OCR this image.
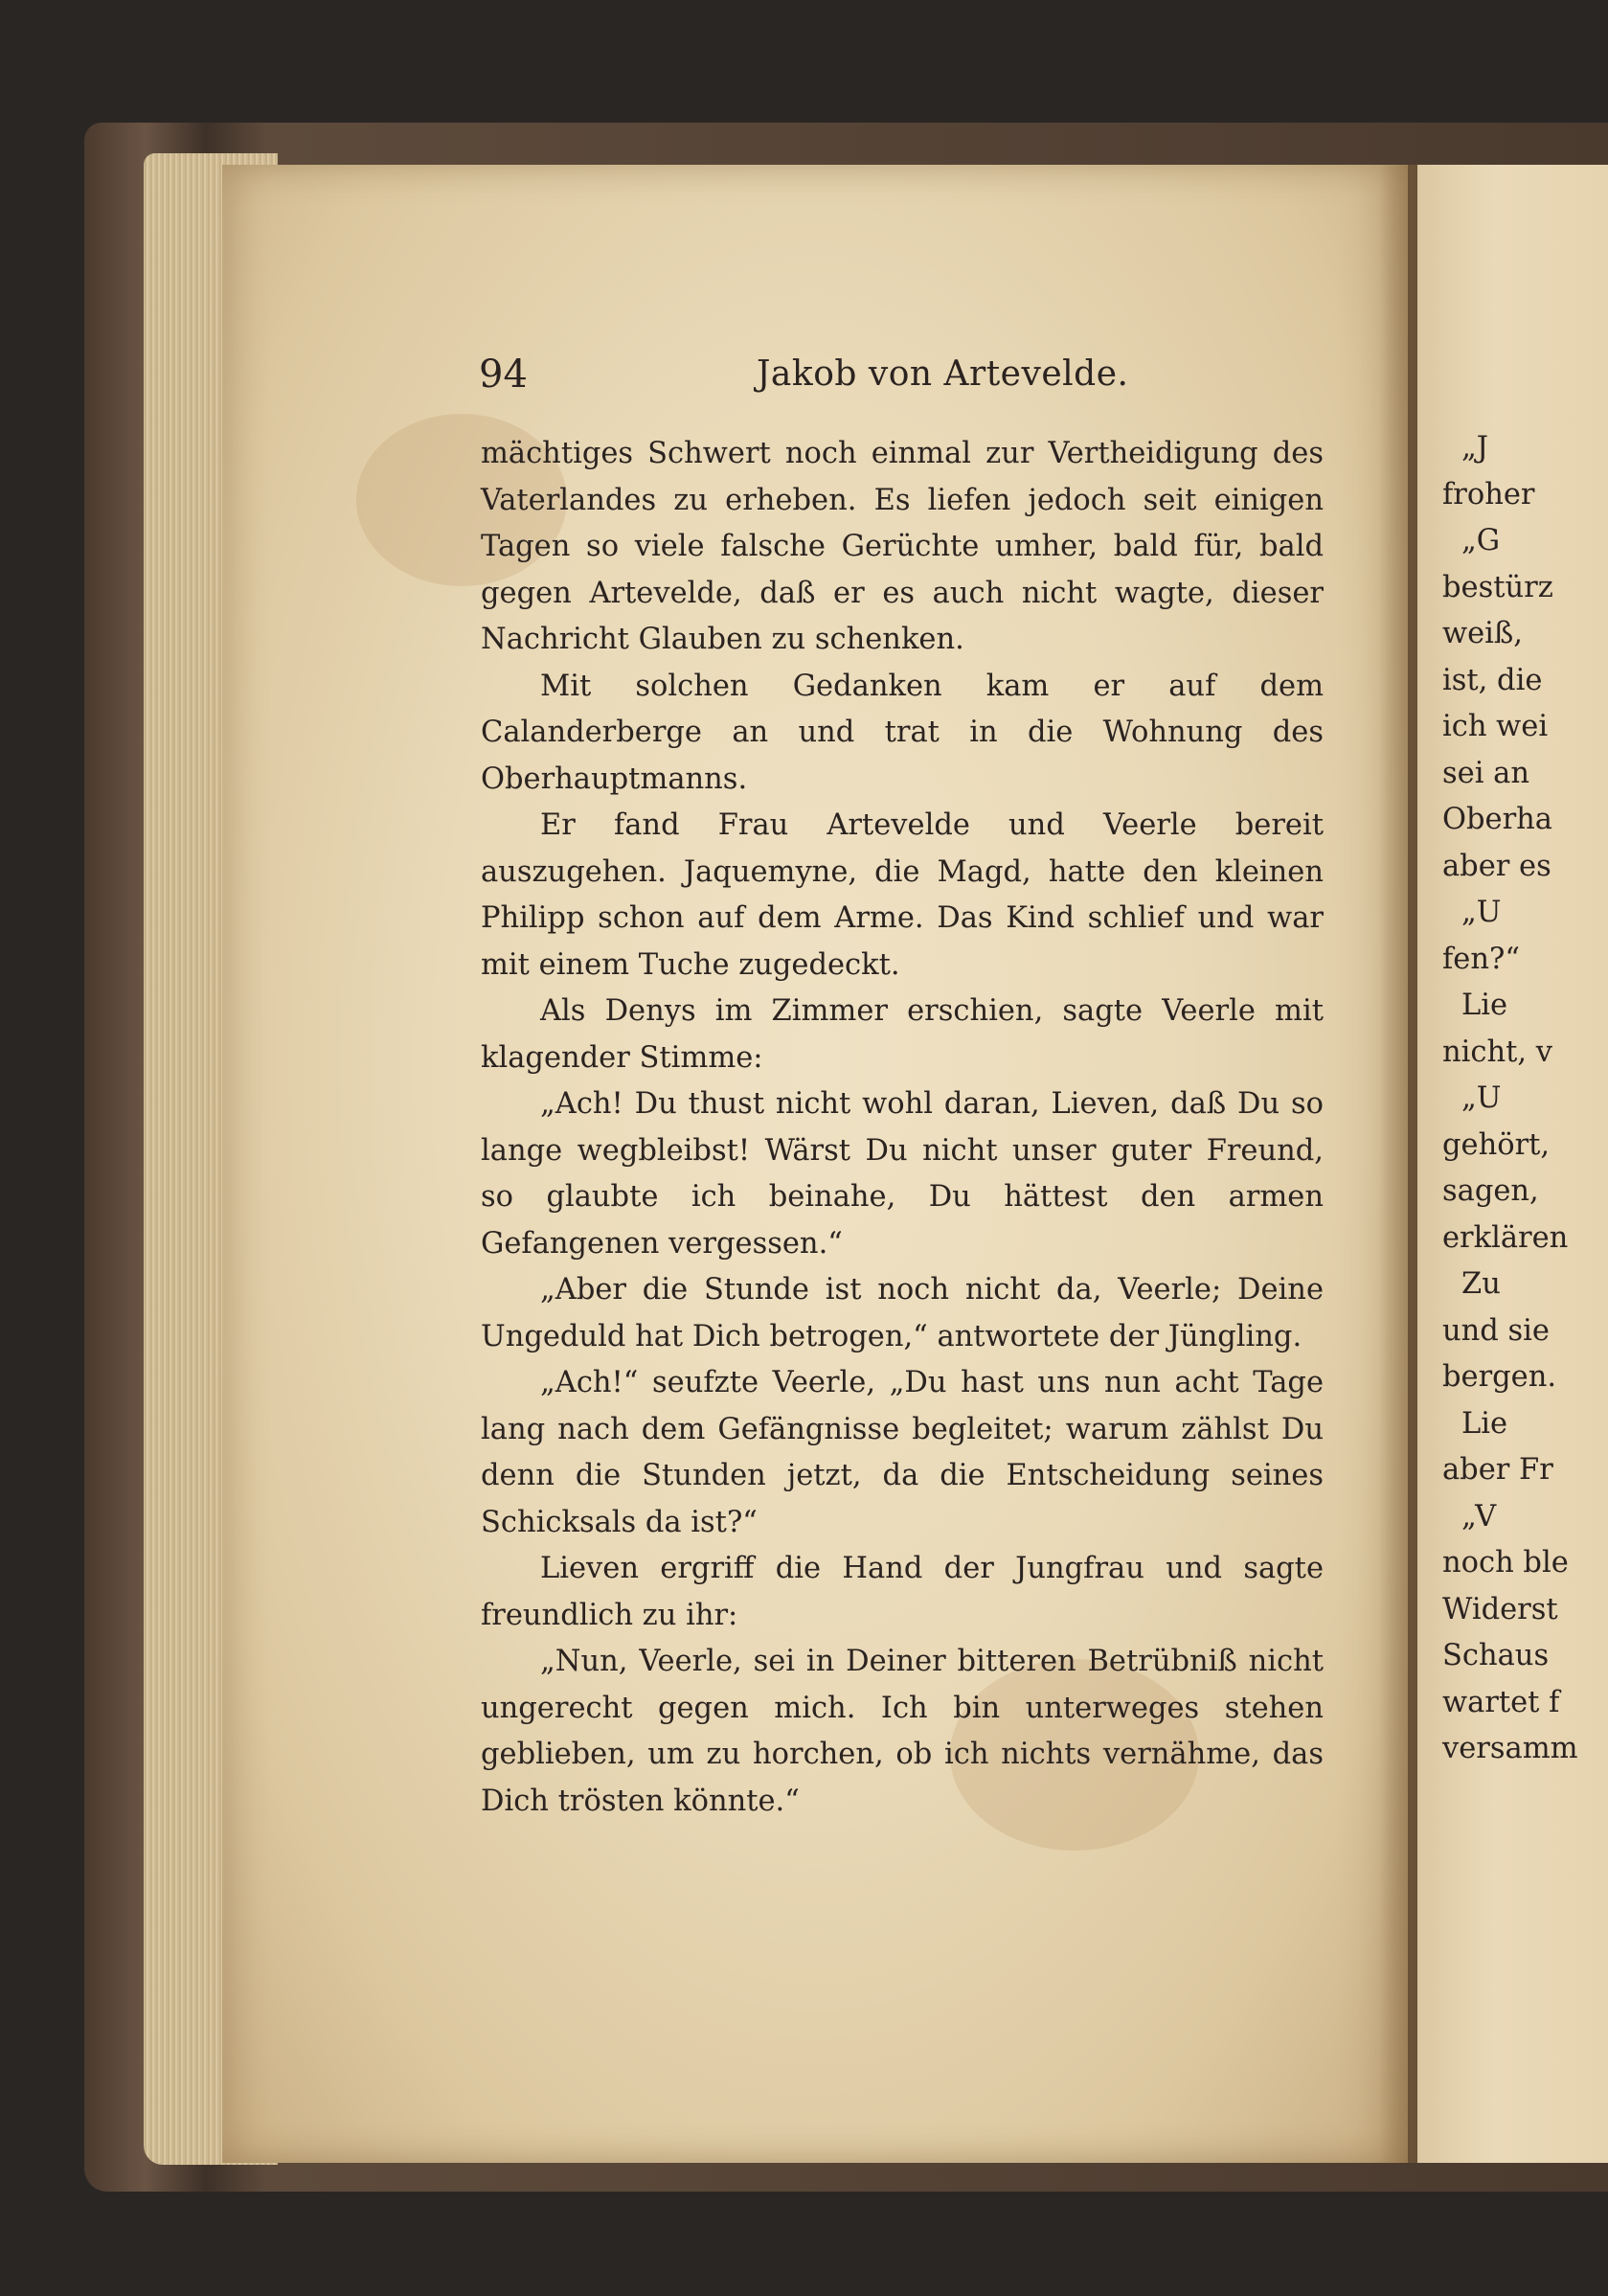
„J
froher
„G
bestürz
weiß,
ist, die
ich wei
sei an
Oberha
aber es
„U
fen?“
Lie
nicht, v
„U
gehört,
sagen,
erklären
Zu
und sie
bergen.
Lie
aber Fr
„V
noch ble
Widerst
Schaus
wartet f
versamm
94	Jakob von Artevelde.

mächtiges Schwert noch einmal zur Vertheidigung des Vaterlandes zu erheben. Es liefen jedoch seit einigen Tagen so viele falsche Gerüchte umher, bald für, bald gegen Artevelde, daß er es auch nicht wagte, dieser Nachricht Glauben zu schenken.

Mit solchen Gedanken kam er auf dem Calanderberge an und trat in die Wohnung des Oberhauptmanns.

Er fand Frau Artevelde und Veerle bereit auszugehen. Jaquemyne, die Magd, hatte den kleinen Philipp schon auf dem Arme. Das Kind schlief und war mit einem Tuche zugedeckt.

Als Denys im Zimmer erschien, sagte Veerle mit klagender Stimme:

„Ach! Du thust nicht wohl daran, Lieven, daß Du so lange wegbleibst! Wärst Du nicht unser guter Freund, so glaubte ich beinahe, Du hättest den armen Gefangenen vergessen.“

„Aber die Stunde ist noch nicht da, Veerle; Deine Ungeduld hat Dich betrogen,“ antwortete der Jüngling.

„Ach!“ seufzte Veerle, „Du hast uns nun acht Tage lang nach dem Gefängnisse begleitet; warum zählst Du denn die Stunden jetzt, da die Entscheidung seines Schicksals da ist?“

Lieven ergriff die Hand der Jungfrau und sagte freundlich zu ihr:

„Nun, Veerle, sei in Deiner bitteren Betrübniß nicht ungerecht gegen mich. Ich bin unterweges stehen geblieben, um zu horchen, ob ich nichts vernähme, das Dich trösten könnte.“
